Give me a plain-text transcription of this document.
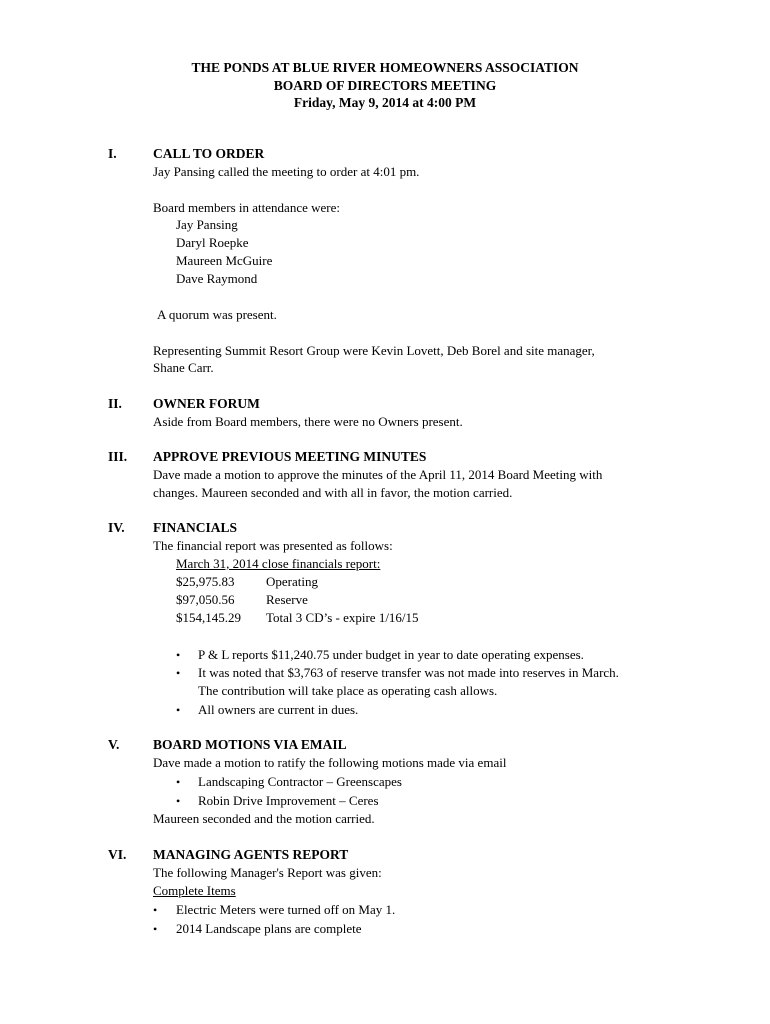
THE PONDS AT BLUE RIVER HOMEOWNERS ASSOCIATION
BOARD OF DIRECTORS MEETING
Friday, May 9, 2014 at 4:00 PM
I.	CALL TO ORDER
Jay Pansing called the meeting to order at 4:01 pm.
Board members in attendance were:
Jay Pansing
Daryl Roepke
Maureen McGuire
Dave Raymond
A quorum was present.
Representing Summit Resort Group were Kevin Lovett, Deb Borel and site manager,
Shane Carr.
II. OWNER FORUM
Aside from Board members, there were no Owners present.
III. APPROVE PREVIOUS MEETING MINUTES
Dave made a motion to approve the minutes of the April 11, 2014 Board Meeting with
changes. Maureen seconded and with all in favor, the motion carried.
IV. FINANCIALS
The financial report was presented as follows:
March 31, 2014 close financials report:
$25,975.83 Operating
$97,050.56 Reserve
$154,145.29 Total 3 CD’s - expire 1/16/15
• P & L reports $11,240.75 under budget in year to date operating expenses.
• It was noted that $3,763 of reserve transfer was not made into reserves in March.
The contribution will take place as operating cash allows.
• All owners are current in dues.
V. BOARD MOTIONS VIA EMAIL
Dave made a motion to ratify the following motions made via email
• Landscaping Contractor – Greenscapes
• Robin Drive Improvement – Ceres
Maureen seconded and the motion carried.
VI. MANAGING AGENTS REPORT
The following Manager's Report was given:
Complete Items
• Electric Meters were turned off on May 1.
• 2014 Landscape plans are complete
